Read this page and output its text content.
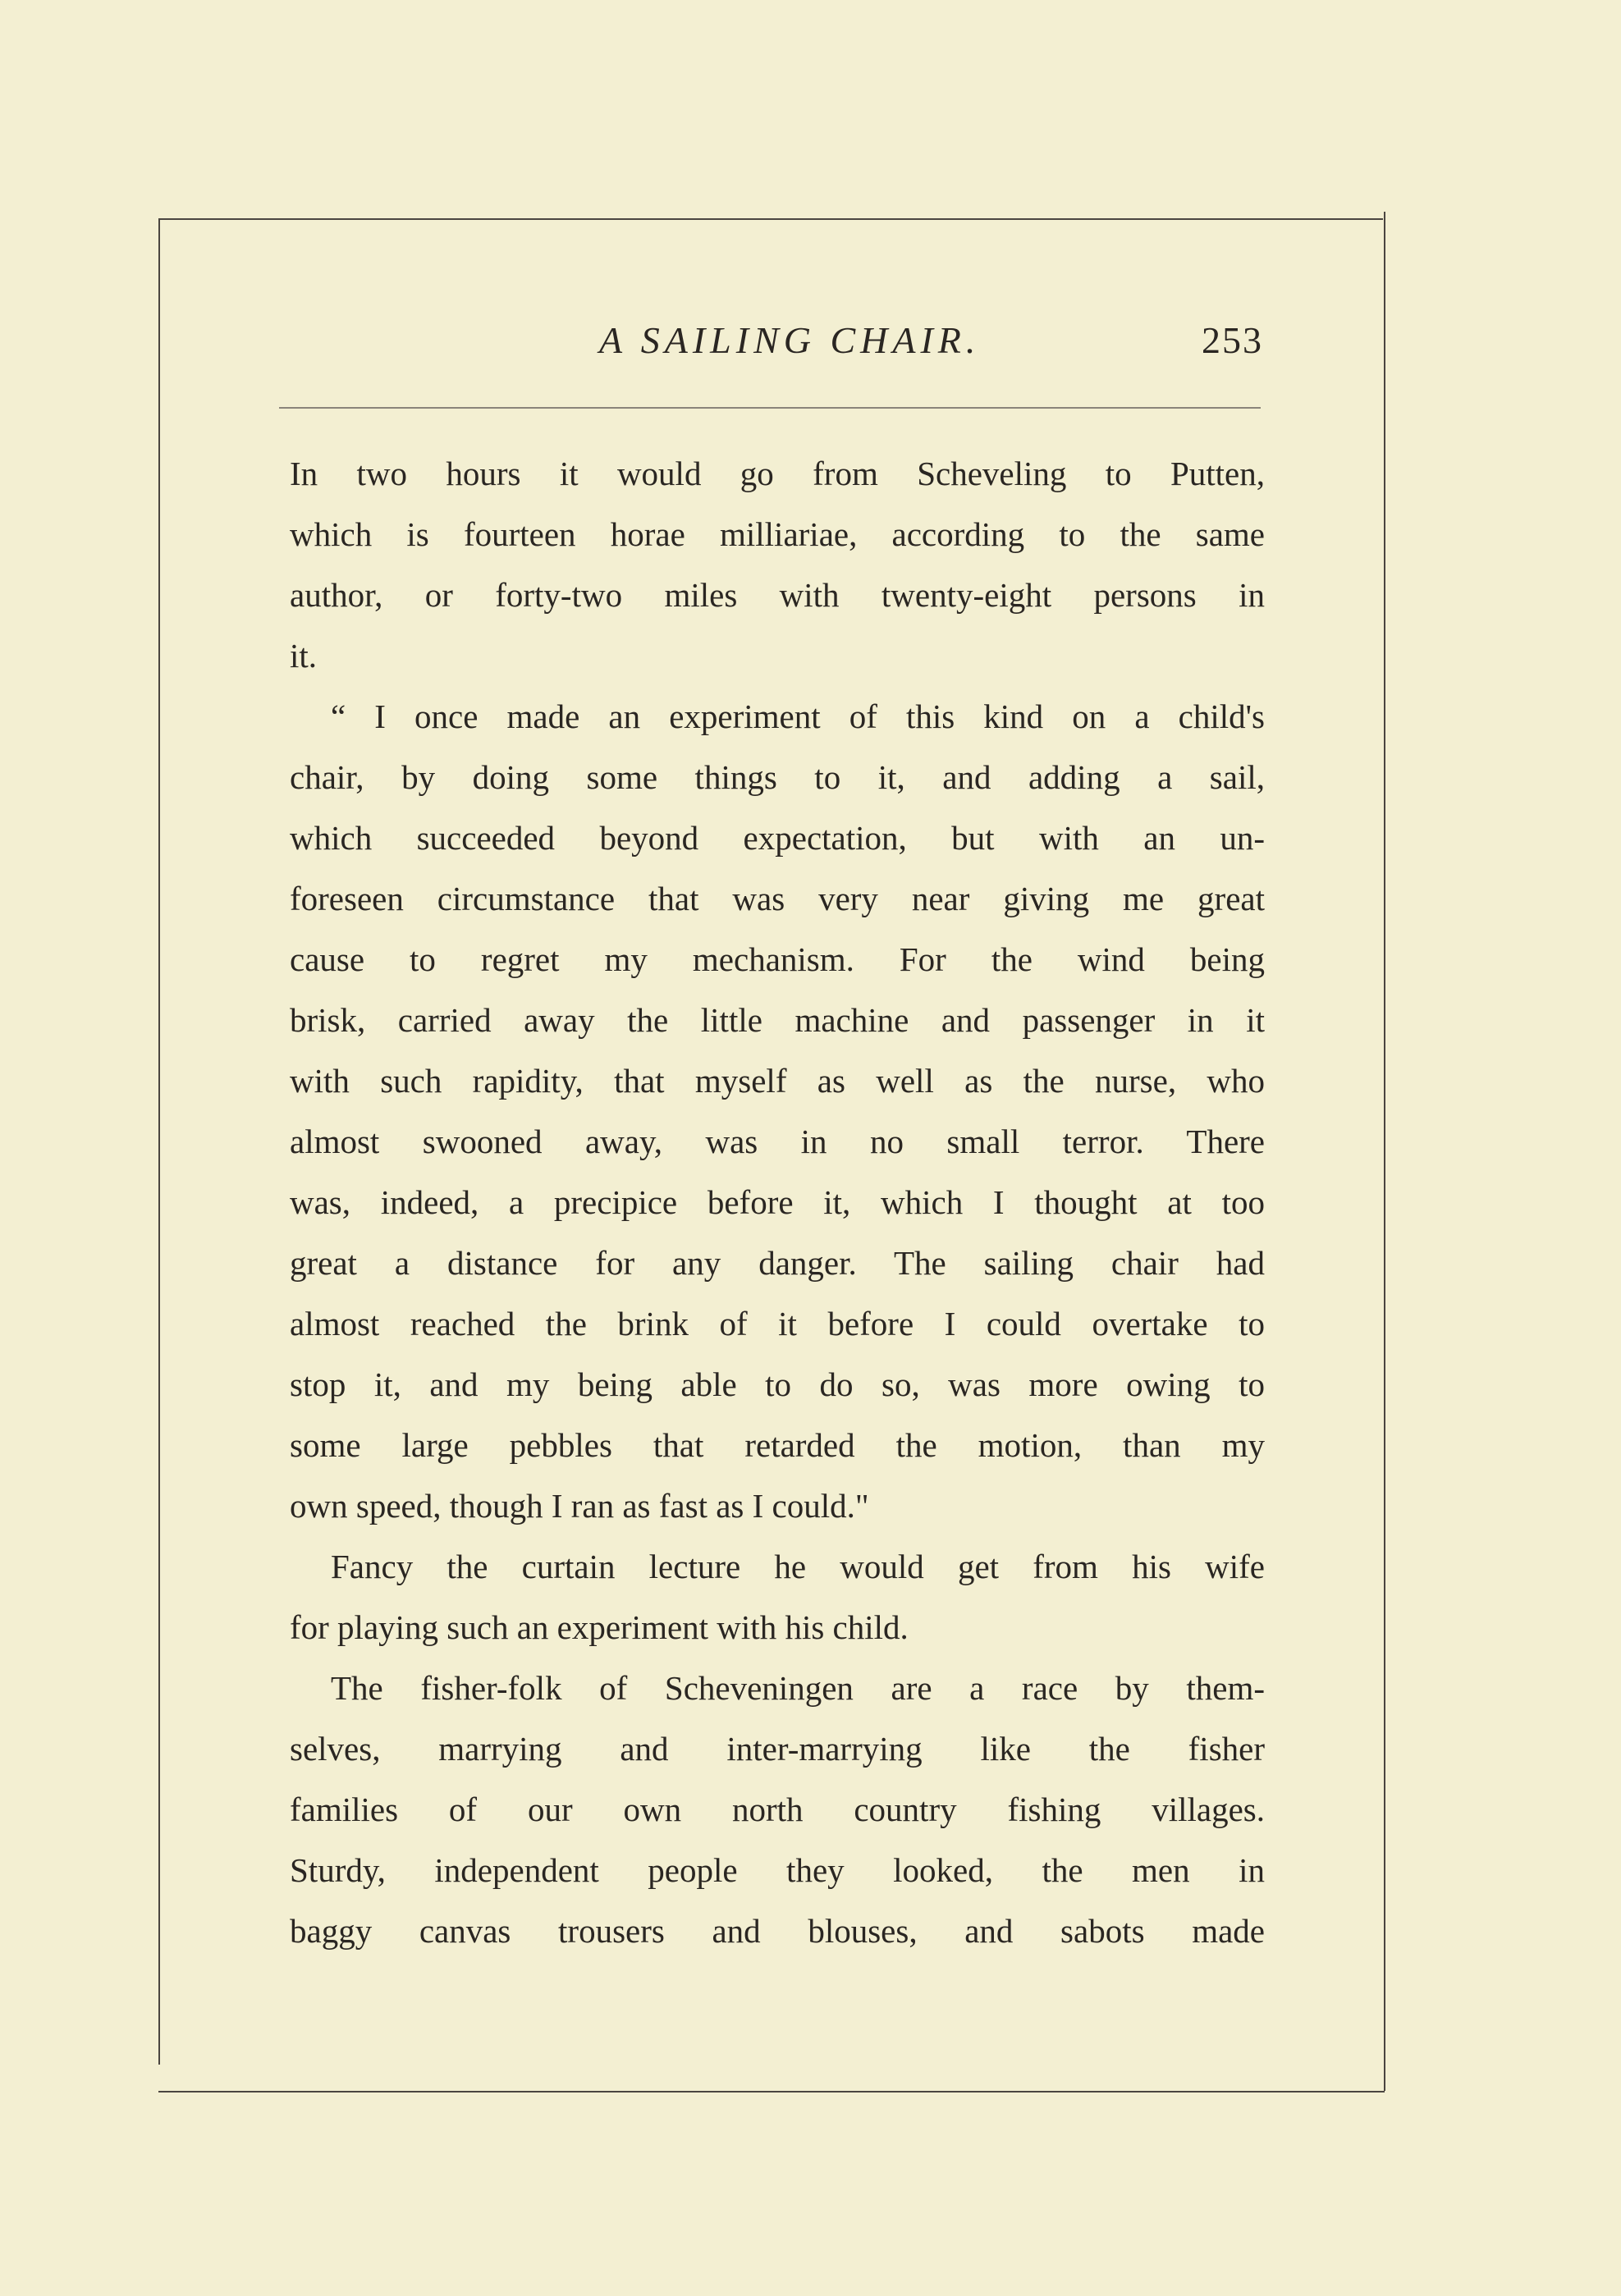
A SAILING CHAIR.	253
In two hours it would go from Scheveling to Putten,
which is fourteen horae milliariae, according to the same
author, or forty-two miles with twenty-eight persons in
it.
“ I once made an experiment of this kind on a child's
chair, by doing some things to it, and adding a sail,
which succeeded beyond expectation, but with an un-
foreseen circumstance that was very near giving me great
cause to regret my mechanism. For the wind being
brisk, carried away the little machine and passenger in it
with such rapidity, that myself as well as the nurse, who
almost swooned away, was in no small terror. There
was, indeed, a precipice before it, which I thought at too
great a distance for any danger. The sailing chair had
almost reached the brink of it before I could overtake to
stop it, and my being able to do so, was more owing to
some large pebbles that retarded the motion, than my
own speed, though I ran as fast as I could."
Fancy the curtain lecture he would get from his wife
for playing such an experiment with his child.
The fisher-folk of Scheveningen are a race by them-
selves, marrying and inter-marrying like the fisher
families of our own north country fishing villages.
Sturdy, independent people they looked, the men in
baggy canvas trousers and blouses, and sabots made
